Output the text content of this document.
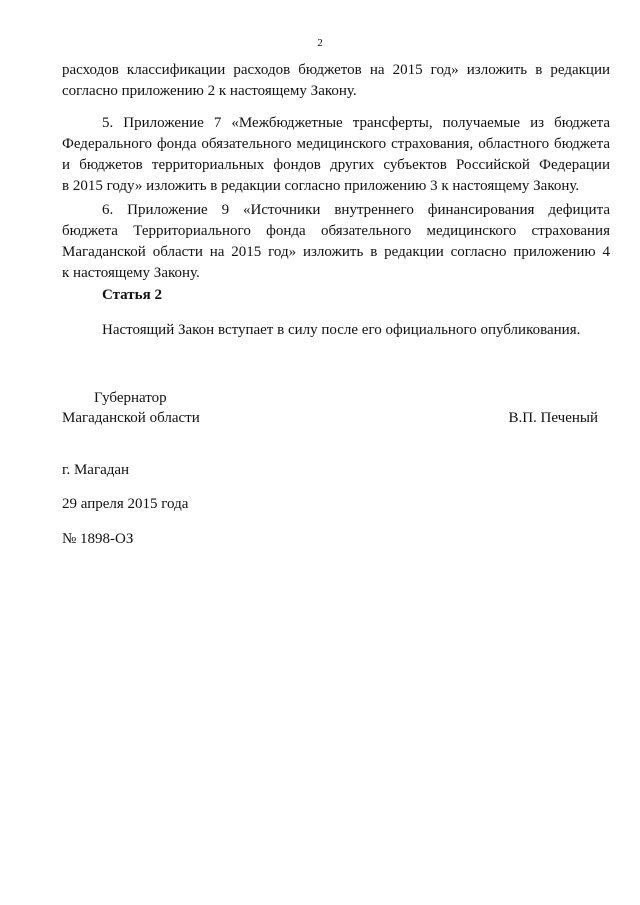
2
расходов классификации расходов бюджетов на 2015 год» изложить в редакции
согласно приложению 2 к настоящему Закону.
5. Приложение 7 «Межбюджетные трансферты, получаемые из бюджета
Федерального фонда обязательного медицинского страхования, областного бюджета
и бюджетов территориальных фондов других субъектов Российской Федерации
в 2015 году» изложить в редакции согласно приложению 3 к настоящему Закону.
6. Приложение 9 «Источники внутреннего финансирования дефицита
бюджета Территориального фонда обязательного медицинского страхования
Магаданской области на 2015 год» изложить в редакции согласно приложению 4
к настоящему Закону.
Статья 2
Настоящий Закон вступает в силу после его официального опубликования.
Губернатор
Магаданской области	В.П. Печеный
г. Магадан
29 апреля 2015 года
№ 1898-ОЗ
